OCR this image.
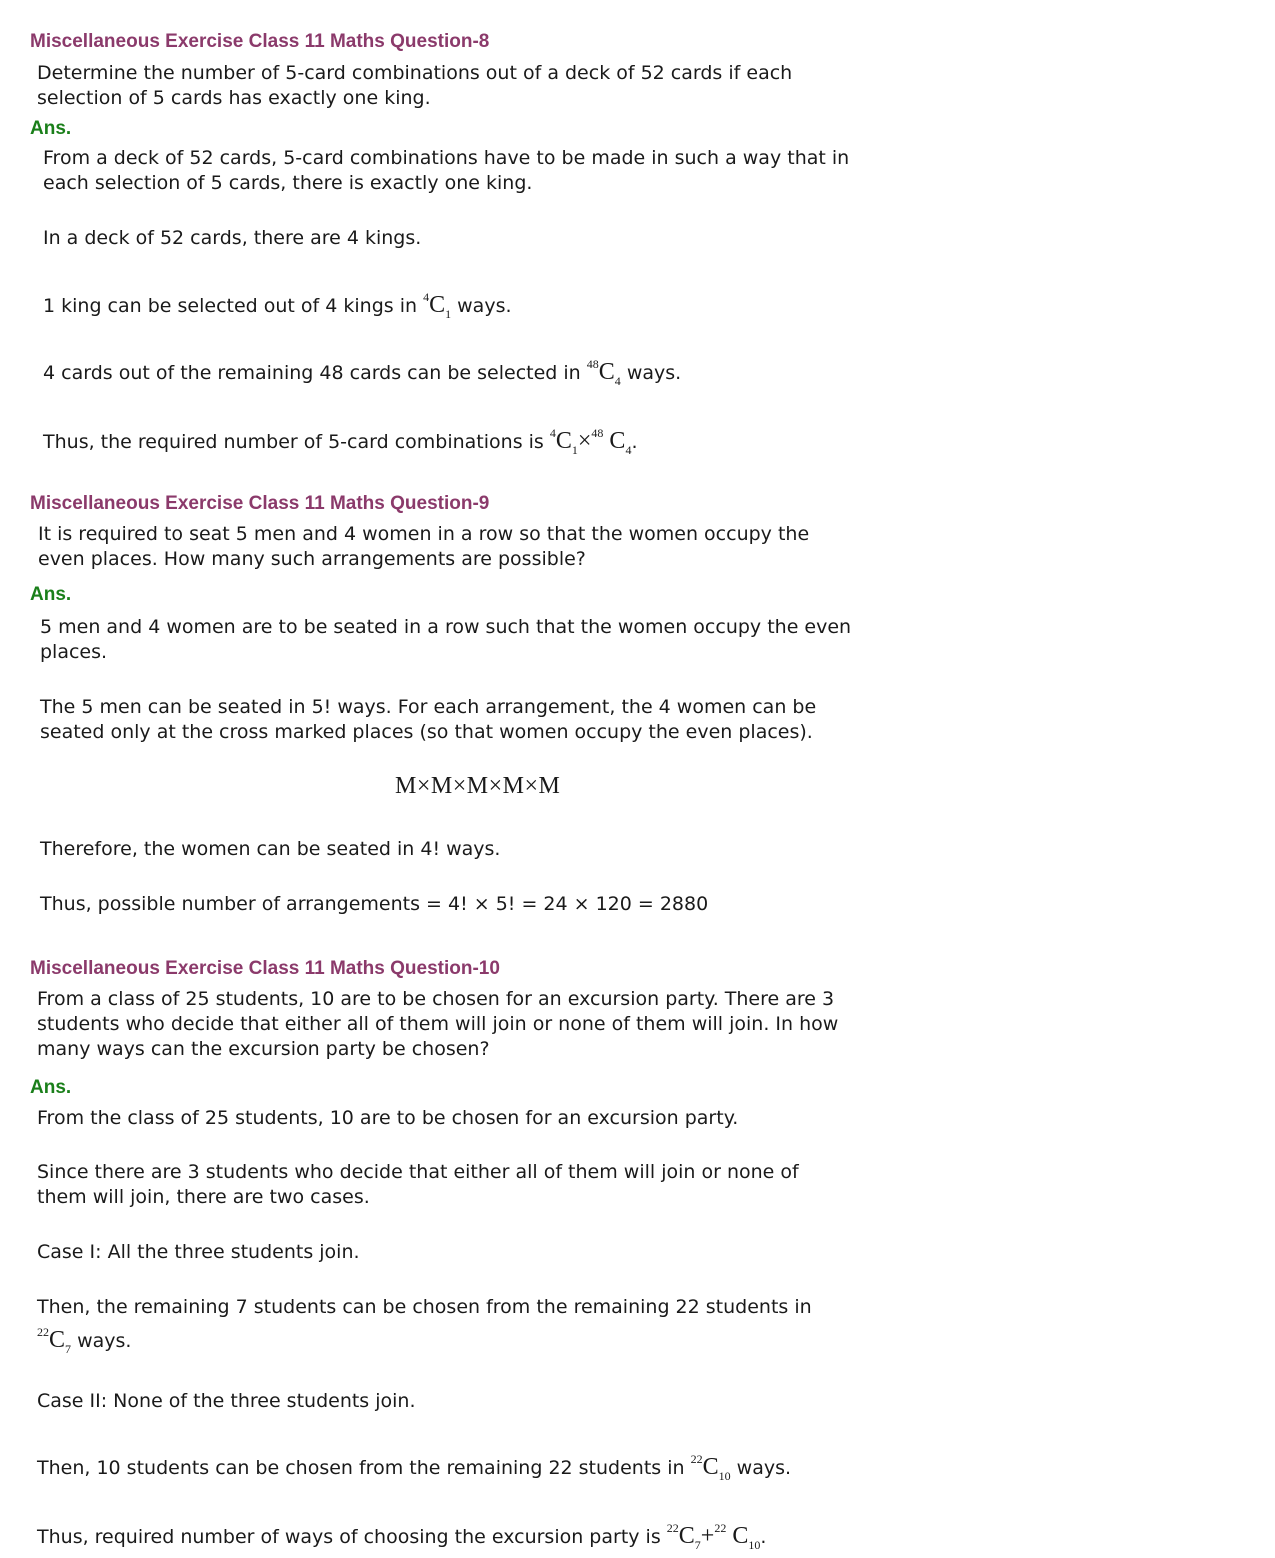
Miscellaneous Exercise Class 11 Maths Question-8
Determine the number of 5-card combinations out of a deck of 52 cards if each
selection of 5 cards has exactly one king.
Ans.
From a deck of 52 cards, 5-card combinations have to be made in such a way that in
each selection of 5 cards, there is exactly one king.
In a deck of 52 cards, there are 4 kings.
1 king can be selected out of 4 kings in $^4C_1$ ways.
4 cards out of the remaining 48 cards can be selected in $^{48}C_4$ ways.
Thus, the required number of 5-card combinations is $^4C_1\times^{48}$ $C_4$.
Miscellaneous Exercise Class 11 Maths Question-9
It is required to seat 5 men and 4 women in a row so that the women occupy the
even places. How many such arrangements are possible?
Ans.
5 men and 4 women are to be seated in a row such that the women occupy the even
places.
The 5 men can be seated in 5! ways. For each arrangement, the 4 women can be
seated only at the cross marked places (so that women occupy the even places).
M×M×M×M×M
Therefore, the women can be seated in 4! ways.
Thus, possible number of arrangements = 4! × 5! = 24 × 120 = 2880
Miscellaneous Exercise Class 11 Maths Question-10
From a class of 25 students, 10 are to be chosen for an excursion party. There are 3
students who decide that either all of them will join or none of them will join. In how
many ways can the excursion party be chosen?
Ans.
From the class of 25 students, 10 are to be chosen for an excursion party.
Since there are 3 students who decide that either all of them will join or none of
them will join, there are two cases.
Case I: All the three students join.
Then, the remaining 7 students can be chosen from the remaining 22 students in
$^{22}C_7$ ways.
Case II: None of the three students join.
Then, 10 students can be chosen from the remaining 22 students in $^{22}C_{10}$ ways.
Thus, required number of ways of choosing the excursion party is $^{22}C_7+^{22}$ $C_{10}$.
